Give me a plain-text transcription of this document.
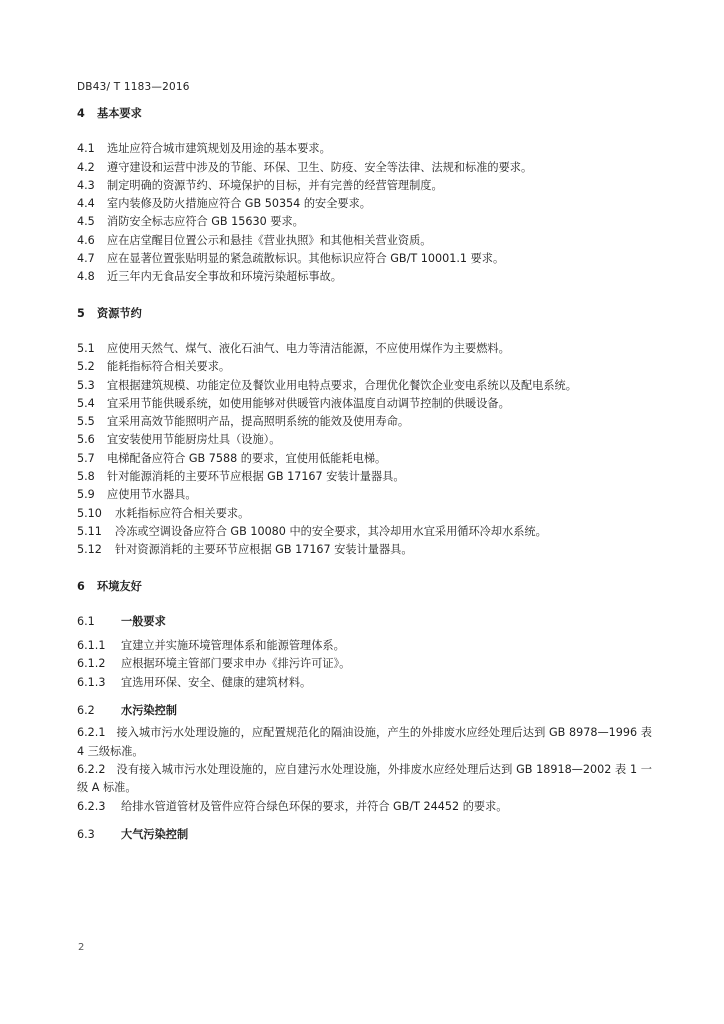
DB43/ T 1183—2016
4	基本要求
4.1	选址应符合城市建筑规划及用途的基本要求。
4.2	遵守建设和运营中涉及的节能、环保、卫生、防疫、安全等法律、法规和标准的要求。
4.3	制定明确的资源节约、环境保护的目标，并有完善的经营管理制度。
4.4	室内装修及防火措施应符合 GB 50354 的安全要求。
4.5	消防安全标志应符合 GB 15630 要求。
4.6	应在店堂醒目位置公示和悬挂《营业执照》和其他相关营业资质。
4.7	应在显著位置张贴明显的紧急疏散标识。其他标识应符合 GB/T 10001.1 要求。
4.8	近三年内无食品安全事故和环境污染超标事故。
5	资源节约
5.1	应使用天然气、煤气、液化石油气、电力等清洁能源，不应使用煤作为主要燃料。
5.2	能耗指标符合相关要求。
5.3	宜根据建筑规模、功能定位及餐饮业用电特点要求，合理优化餐饮企业变电系统以及配电系统。
5.4	宜采用节能供暖系统，如使用能够对供暖管内液体温度自动调节控制的供暖设备。
5.5	宜采用高效节能照明产品，提高照明系统的能效及使用寿命。
5.6	宜安装使用节能厨房灶具（设施）。
5.7	电梯配备应符合 GB 7588 的要求，宜使用低能耗电梯。
5.8	针对能源消耗的主要环节应根据 GB 17167 安装计量器具。
5.9	应使用节水器具。
5.10	水耗指标应符合相关要求。
5.11	冷冻或空调设备应符合 GB 10080 中的安全要求，其冷却用水宜采用循环冷却水系统。
5.12	针对资源消耗的主要环节应根据 GB 17167 安装计量器具。
6	环境友好
6.1	一般要求
6.1.1	宜建立并实施环境管理体系和能源管理体系。
6.1.2	应根据环境主管部门要求申办《排污许可证》。
6.1.3	宜选用环保、安全、健康的建筑材料。
6.2	水污染控制
6.2.1 接入城市污水处理设施的，应配置规范化的隔油设施，产生的外排废水应经处理后达到 GB 8978—1996 表 4 三级标准。
6.2.2 没有接入城市污水处理设施的，应自建污水处理设施，外排废水应经处理后达到 GB 18918—2002 表 1 一级 A 标准。
6.2.3	给排水管道管材及管件应符合绿色环保的要求，并符合 GB/T 24452 的要求。
6.3	大气污染控制
2
